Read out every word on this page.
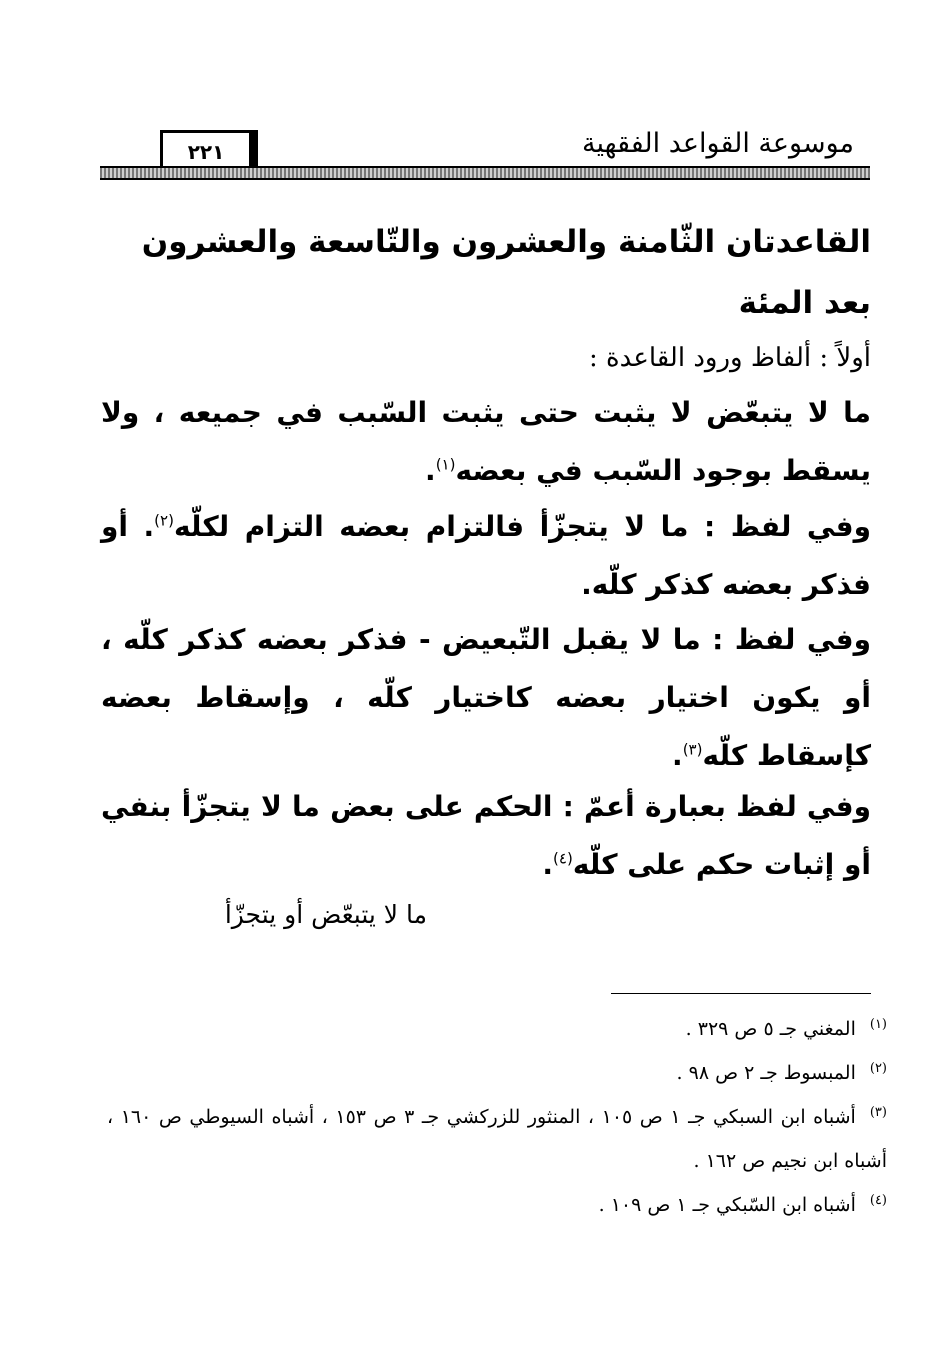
موسوعة القواعد الفقهية
٢٢١
القاعدتان الثّامنة والعشرون والتّاسعة والعشرون بعد المئة
أولاً : ألفاظ ورود القاعدة :
ما لا يتبعّض لا يثبت حتى يثبت السّبب في جميعه ، ولا يسقط بوجود السّبب في بعضه$^{(١)}$.
وفي لفظ : ما لا يتجزّأ فالتزام بعضه التزام لكلّه$^{(٢)}$. أو فذكر بعضه كذكر كلّه.
وفي لفظ : ما لا يقبل التّبعيض - فذكر بعضه كذكر كلّه ، أو يكون اختيار بعضه كاختيار كلّه ، وإسقاط بعضه كإسقاط كلّه$^{(٣)}$.
وفي لفظ بعبارة أعمّ : الحكم على بعض ما لا يتجزّأ بنفي أو إثبات حكم على كلّه$^{(٤)}$.
ما لا يتبعّض أو يتجزّأ
$^{(١)}$المغني جـ ٥ ص ٣٢٩ .
$^{(٢)}$المبسوط جـ ٢ ص ٩٨ .
$^{(٣)}$أشباه ابن السبكي جـ ١ ص ١٠٥ ، المنثور للزركشي جـ ٣ ص ١٥٣ ، أشباه السيوطي ص ١٦٠ ، أشباه ابن نجيم ص ١٦٢ .
$^{(٤)}$أشباه ابن السّبكي جـ ١ ص ١٠٩ .
